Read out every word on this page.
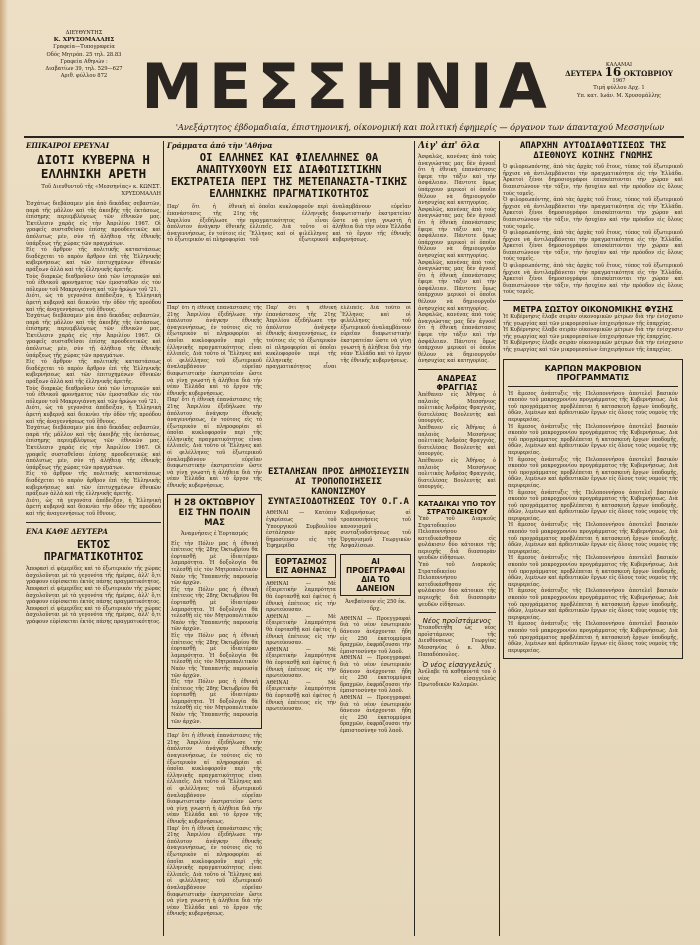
ΔΙΕΥΘΥΝΤΗΣ
Κ. ΧΡΥΣΟΜΑΛΛΗΣ
Γραφεία—Τυπογραφεία
Οδός Μητρόπ. 25 τηλ. 28.83
Γραφεία Αθηνών :
Διαβατίων 39, τηλ. 529—627
Αριθ. φύλλου 872 ΜΕΣΣΗΝΙΑ	ΚΑΛΑΜΑΙ
ΔΕΥΤΕΡΑ 16 ΟΚΤΩΒΡΙΟΥ
1967
Τιμή φύλλου Δρχ. 1
Υπ. κατ. Ιωάν. Μ. Χρυσομάλλης
'Ανεξάρτητος έβδομαδιαία, έπιστημονική, οίκονομική και πολιτική έφημερίς — όργανον των άπανταχού Μεσσηνίων
ΕΠΙΚΑΙΡΟΙ ΕΡΕΥΝΑΙ
ΔΙΟΤΙ ΚΥΒΕΡΝΑ Η ΕΛΛΗΝΙΚΗ ΑΡΕΤΗ
Τοῦ Διευθυντοῦ τῆς «Μεσσηνίας» κ. ΚΩΝΣΤ. ΧΡΥΣΟΜΑΛΛΗ

Ἐσχάτως διεβάσαμεν μία ἀπὸ δεκάδας σεβαστῶν, παρὰ τῆς μᾶλλον καὶ τῆς ἀκοιβῆς τῆς ἐκτάσεως, ἐπίσημης περιεμβλέψεως τῶν ἐθνικῶν μας. Ἐκτέλεσιν χαρὰς εἰς τὴν Ἀπριλίου 1967. Οἱ γραφεῖς συσταθεῖσαι ἐπίσης προοδευτικῶς καὶ ἀπόλυτως μὲν, σὺν τῇ ἀλήθειᾳ τῆς ἐθνικῆς ὑπάρξεως τῆς χώρας τῶν πραγμάτων.

Εἰς τὸ ἄρθρον τῆς πολιτικῆς καταστάσεως διαδέχεται τὸ παρὸν ἄρθρον ἐπὶ τῆς Ἐλληνικῆς κυβερνήσεως καὶ τῶν ἐπιτυχημένων ἐθνικῶν πράξεων ἀλλὰ καὶ τῆς ἐλληνικῆς ἀρετῆς.

Τοὺς διαρκῶς διαθροῦσιν ὑπὸ τῶν ἱστορικῶν καὶ τοῦ ἐθνικοῦ φρονήματος τῶν ἐμοσταθῶν εἰς τὸν πόλεμον τοῦ Μακρυγιάννη καὶ τῶν ἡρώων τοῦ '21.

Διότι, ὡς τὰ γεγονότα ἀπέδειξαν, ἡ Ἑλληνικὴ ἀρετὴ κυβερνᾷ καὶ δεικνύει τὴν ὁδὸν τῆς προόδου καὶ τῆς ἀναγεννήσεως τοῦ ἔθνους.

Ἐσχάτως διεβάσαμεν μία ἀπὸ δεκάδας σεβαστῶν, παρὰ τῆς μᾶλλον καὶ τῆς ἀκοιβῆς τῆς ἐκτάσεως, ἐπίσημης περιεμβλέψεως τῶν ἐθνικῶν μας. Ἐκτέλεσιν χαρὰς εἰς τὴν Ἀπριλίου 1967. Οἱ γραφεῖς συσταθεῖσαι ἐπίσης προοδευτικῶς καὶ ἀπόλυτως μὲν, σὺν τῇ ἀλήθειᾳ τῆς ἐθνικῆς ὑπάρξεως τῆς χώρας τῶν πραγμάτων.

Εἰς τὸ ἄρθρον τῆς πολιτικῆς καταστάσεως διαδέχεται τὸ παρὸν ἄρθρον ἐπὶ τῆς Ἐλληνικῆς κυβερνήσεως καὶ τῶν ἐπιτυχημένων ἐθνικῶν πράξεων ἀλλὰ καὶ τῆς ἐλληνικῆς ἀρετῆς.

Τοὺς διαρκῶς διαθροῦσιν ὑπὸ τῶν ἱστορικῶν καὶ τοῦ ἐθνικοῦ φρονήματος τῶν ἐμοσταθῶν εἰς τὸν πόλεμον τοῦ Μακρυγιάννη καὶ τῶν ἡρώων τοῦ '21.

Διότι, ὡς τὰ γεγονότα ἀπέδειξαν, ἡ Ἑλληνικὴ ἀρετὴ κυβερνᾷ καὶ δεικνύει τὴν ὁδὸν τῆς προόδου καὶ τῆς ἀναγεννήσεως τοῦ ἔθνους.

Ἐσχάτως διεβάσαμεν μία ἀπὸ δεκάδας σεβαστῶν, παρὰ τῆς μᾶλλον καὶ τῆς ἀκοιβῆς τῆς ἐκτάσεως, ἐπίσημης περιεμβλέψεως τῶν ἐθνικῶν μας. Ἐκτέλεσιν χαρὰς εἰς τὴν Ἀπριλίου 1967. Οἱ γραφεῖς συσταθεῖσαι ἐπίσης προοδευτικῶς καὶ ἀπόλυτως μὲν, σὺν τῇ ἀλήθειᾳ τῆς ἐθνικῆς ὑπάρξεως τῆς χώρας τῶν πραγμάτων.

Εἰς τὸ ἄρθρον τῆς πολιτικῆς καταστάσεως διαδέχεται τὸ παρὸν ἄρθρον ἐπὶ τῆς Ἐλληνικῆς κυβερνήσεως καὶ τῶν ἐπιτυχημένων ἐθνικῶν πράξεων ἀλλὰ καὶ τῆς ἐλληνικῆς ἀρετῆς.

Διότι, ὡς τὰ γεγονότα ἀπέδειξαν, ἡ Ἑλληνικὴ ἀρετὴ κυβερνᾷ καὶ δεικνύει τὴν ὁδὸν τῆς προόδου καὶ τῆς ἀναγεννήσεως τοῦ ἔθνους.

ΕΝΑ ΚΑΘΕ ΔΕΥΤΕΡΑ
ΕΚΤΟΣ ΠΡΑΓΜΑΤΙΚΟΤΗΤΟΣ

Ἀποφασὶ εἰ φέμερίδες καὶ τὸ ἐξωτερικὸν τῆς χώρας ἀσχολοῦνται μὲ τὰ γεγονότα τῆς ἡμέρας, ἀλλ' ὅ,τι γράφουν εὑρίσκεται ἐκτὸς πάσης πραγματικότητος.

Ἀποφασὶ εἰ φέμερίδες καὶ τὸ ἐξωτερικὸν τῆς χώρας ἀσχολοῦνται μὲ τὰ γεγονότα τῆς ἡμέρας, ἀλλ' ὅ,τι γράφουν εὑρίσκεται ἐκτὸς πάσης πραγματικότητος.

Ἀποφασὶ εἰ φέμερίδες καὶ τὸ ἐξωτερικὸν τῆς χώρας ἀσχολοῦνται μὲ τὰ γεγονότα τῆς ἡμέρας, ἀλλ' ὅ,τι γράφουν εὑρίσκεται ἐκτὸς πάσης πραγματικότητος.

Γράμματα ἀπό τὴν 'Αθήνα
ΟΙ ΕΛΛΗΝΕΣ ΚΑΙ ΦΙΛΕΛΛΗΝΕΣ ΘΑ ΑΝΑΠΤΥΧΘΟΥΝ ΕΙΣ ΔΙΑΦΩΤΙΣΤΙΚΗΝ ΕΚΣΤΡΑΤΕΙΑ ΠΕΡΙ ΤΗΣ ΜΕΤΕΠΑΝΑΣΤΑ-ΤΙΚΗΣ ΕΛΛΗΝΙΚΗΣ ΠΡΑΓΜΑΤΙΚΟΤΗΤΟΣ

Παρ' ὅτι ἡ ἐθνικὴ ἐπανάστασις τῆς 21ης Ἀπριλίου ἐξεδήλωσε τὴν ἀπόλυτον ἀνάγκην ἐθνικῆς ἀναγεννήσεως, ἐν τούτοις εἰς τὸ ἐξωτερικὸν αἱ πληροφορίαι αἱ ὁποῖαι κυκλοφοροῦν περὶ τῆς ἑλληνικῆς πραγματικότητος εἶναι ἐλλιπεῖς. Διὰ τοῦτο οἱ Ἕλληνες καὶ οἱ φιλέλληνες τοῦ ἐξωτερικοῦ ἀναλαμβάνουν εὐρεῖαν διαφωτιστικὴν ἐκστρατείαν ὥστε νὰ γίνῃ γνωστὴ ἡ ἀλήθεια διὰ τὴν νέαν Ἑλλάδα καὶ τὸ ἔργον τῆς ἐθνικῆς κυβερνήσεως.

Παρ' ὅτι ἡ ἐθνικὴ ἐπανάστασις τῆς 21ης Ἀπριλίου ἐξεδήλωσε τὴν ἀπόλυτον ἀνάγκην ἐθνικῆς ἀναγεννήσεως, ἐν τούτοις εἰς τὸ ἐξωτερικὸν αἱ πληροφορίαι αἱ ὁποῖαι κυκλοφοροῦν περὶ τῆς ἑλληνικῆς πραγματικότητος εἶναι ἐλλιπεῖς. Διὰ τοῦτο οἱ Ἕλληνες καὶ οἱ φιλέλληνες τοῦ ἐξωτερικοῦ ἀναλαμβάνουν εὐρεῖαν διαφωτιστικὴν ἐκστρατείαν ὥστε νὰ γίνῃ γνωστὴ ἡ ἀλήθεια διὰ τὴν νέαν Ἑλλάδα καὶ τὸ ἔργον τῆς ἐθνικῆς κυβερνήσεως.

Παρ' ὅτι ἡ ἐθνικὴ ἐπανάστασις τῆς 21ης Ἀπριλίου ἐξεδήλωσε τὴν ἀπόλυτον ἀνάγκην ἐθνικῆς ἀναγεννήσεως, ἐν τούτοις εἰς τὸ ἐξωτερικὸν αἱ πληροφορίαι αἱ ὁποῖαι κυκλοφοροῦν περὶ τῆς ἑλληνικῆς πραγματικότητος εἶναι ἐλλιπεῖς. Διὰ τοῦτο οἱ Ἕλληνες καὶ οἱ φιλέλληνες τοῦ ἐξωτερικοῦ ἀναλαμβάνουν εὐρεῖαν διαφωτιστικὴν ἐκστρατείαν ὥστε νὰ γίνῃ γνωστὴ ἡ ἀλήθεια διὰ τὴν νέαν Ἑλλάδα καὶ τὸ ἔργον τῆς ἐθνικῆς κυβερνήσεως.

Η 28 ΟΚΤΩΒΡΙΟΥ ΕΙΣ ΤΗΝ ΠΟΛΙΝ ΜΑΣ
Ἀναμνήσεις ἐ Ἐορτασμός

Εἰς τὴν Πόλιν μας ἡ ἐθνικὴ ἐπέτειος τῆς 28ης Ὀκτωβρίου θὰ ἑορτασθῇ μὲ ἰδιαιτέραν λαμπρότητα. Ἡ δοξολογία θὰ τελεσθῇ εἰς τὸν Μητροπολιτικὸν Ναὸν τῆς Ὑπαπαντῆς παρουσίᾳ τῶν ἀρχῶν.

Εἰς τὴν Πόλιν μας ἡ ἐθνικὴ ἐπέτειος τῆς 28ης Ὀκτωβρίου θὰ ἑορτασθῇ μὲ ἰδιαιτέραν λαμπρότητα. Ἡ δοξολογία θὰ τελεσθῇ εἰς τὸν Μητροπολιτικὸν Ναὸν τῆς Ὑπαπαντῆς παρουσίᾳ τῶν ἀρχῶν.

Εἰς τὴν Πόλιν μας ἡ ἐθνικὴ ἐπέτειος τῆς 28ης Ὀκτωβρίου θὰ ἑορτασθῇ μὲ ἰδιαιτέραν λαμπρότητα. Ἡ δοξολογία θὰ τελεσθῇ εἰς τὸν Μητροπολιτικὸν Ναὸν τῆς Ὑπαπαντῆς παρουσίᾳ τῶν ἀρχῶν.

Εἰς τὴν Πόλιν μας ἡ ἐθνικὴ ἐπέτειος τῆς 28ης Ὀκτωβρίου θὰ ἑορτασθῇ μὲ ἰδιαιτέραν λαμπρότητα. Ἡ δοξολογία θὰ τελεσθῇ εἰς τὸν Μητροπολιτικὸν Ναὸν τῆς Ὑπαπαντῆς παρουσίᾳ τῶν ἀρχῶν.

Παρ' ὅτι ἡ ἐθνικὴ ἐπανάστασις τῆς 21ης Ἀπριλίου ἐξεδήλωσε τὴν ἀπόλυτον ἀνάγκην ἐθνικῆς ἀναγεννήσεως, ἐν τούτοις εἰς τὸ ἐξωτερικὸν αἱ πληροφορίαι αἱ ὁποῖαι κυκλοφοροῦν περὶ τῆς ἑλληνικῆς πραγματικότητος εἶναι ἐλλιπεῖς. Διὰ τοῦτο οἱ Ἕλληνες καὶ οἱ φιλέλληνες τοῦ ἐξωτερικοῦ ἀναλαμβάνουν εὐρεῖαν διαφωτιστικὴν ἐκστρατείαν ὥστε νὰ γίνῃ γνωστὴ ἡ ἀλήθεια διὰ τὴν νέαν Ἑλλάδα καὶ τὸ ἔργον τῆς ἐθνικῆς κυβερνήσεως.

Παρ' ὅτι ἡ ἐθνικὴ ἐπανάστασις τῆς 21ης Ἀπριλίου ἐξεδήλωσε τὴν ἀπόλυτον ἀνάγκην ἐθνικῆς ἀναγεννήσεως, ἐν τούτοις εἰς τὸ ἐξωτερικὸν αἱ πληροφορίαι αἱ ὁποῖαι κυκλοφοροῦν περὶ τῆς ἑλληνικῆς πραγματικότητος εἶναι ἐλλιπεῖς. Διὰ τοῦτο οἱ Ἕλληνες καὶ οἱ φιλέλληνες τοῦ ἐξωτερικοῦ ἀναλαμβάνουν εὐρεῖαν διαφωτιστικὴν ἐκστρατείαν ὥστε νὰ γίνῃ γνωστὴ ἡ ἀλήθεια διὰ τὴν νέαν Ἑλλάδα καὶ τὸ ἔργον τῆς ἐθνικῆς κυβερνήσεως.

Παρ' ὅτι ἡ ἐθνικὴ ἐπανάστασις τῆς 21ης Ἀπριλίου ἐξεδήλωσε τὴν ἀπόλυτον ἀνάγκην ἐθνικῆς ἀναγεννήσεως, ἐν τούτοις εἰς τὸ ἐξωτερικὸν αἱ πληροφορίαι αἱ ὁποῖαι κυκλοφοροῦν περὶ τῆς ἑλληνικῆς πραγματικότητος εἶναι ἐλλιπεῖς. Διὰ τοῦτο οἱ Ἕλληνες καὶ οἱ φιλέλληνες τοῦ ἐξωτερικοῦ ἀναλαμβάνουν εὐρεῖαν διαφωτιστικὴν ἐκστρατείαν ὥστε νὰ γίνῃ γνωστὴ ἡ ἀλήθεια διὰ τὴν νέαν Ἑλλάδα καὶ τὸ ἔργον τῆς ἐθνικῆς κυβερνήσεως.

ΕΣΤΑΛΗΣΑΝ ΠΡΟΣ ΔΗΜΟΣΙΕΥΣΙΝ ΑΙ ΤΡΟΠΟΠΟΙΗΣΕΙΣ ΚΑΝΟΝΙΣΜΟΥ ΣΥΝΤΑΞΙΟΔΟΤΗΣΕΩΣ ΤΟΥ Ο.Γ.Α

ΑΘΗΝΑΙ — Κατόπιν ἐγκρίσεως τοῦ Ὑπουργικοῦ Συμβουλίου ἐστάλησαν πρὸς δημοσίευσιν εἰς τὴν Ἐφημερίδα τῆς Κυβερνήσεως αἱ τροποποιήσεις τοῦ κανονισμοῦ συνταξιοδοτήσεως τοῦ Ὀργανισμοῦ Γεωργικῶν Ἀσφαλίσεων.

ΕΟΡΤΑΣΜΟΣ ΕΙΣ ΑΘΗΝΑΣ

ΑΘΗΝΑΙ — Μὲ ἐξαιρετικὴν λαμπρότητα θὰ ἑορτασθῇ καὶ ἐφέτος ἡ ἐθνικὴ ἐπέτειος εἰς τὴν πρωτεύουσαν.

ΑΘΗΝΑΙ — Μὲ ἐξαιρετικὴν λαμπρότητα θὰ ἑορτασθῇ καὶ ἐφέτος ἡ ἐθνικὴ ἐπέτειος εἰς τὴν πρωτεύουσαν.

ΑΘΗΝΑΙ — Μὲ ἐξαιρετικὴν λαμπρότητα θὰ ἑορτασθῇ καὶ ἐφέτος ἡ ἐθνικὴ ἐπέτειος εἰς τὴν πρωτεύουσαν.

ΑΘΗΝΑΙ — Μὲ ἐξαιρετικὴν λαμπρότητα θὰ ἑορτασθῇ καὶ ἐφέτος ἡ ἐθνικὴ ἐπέτειος εἰς τὴν πρωτεύουσαν.

ΑΙ ΠΡΟΕΓΓΡΑΦΑΙ ΔΙΑ ΤΟ ΔΑΝΕΙΟΝ
Ἀνεβαίνουν εἰς 250 ἑκ. δρχ.

ΑΘΗΝΑΙ — Προεγγραφαὶ διὰ τὸ νέον ἐσωτερικὸν δάνειον ἀνέρχονται ἤδη εἰς 250 ἑκατομμύρια δραχμῶν, ἐκφράζουσαι τὴν ἐμπιστοσύνην τοῦ λαοῦ.

ΑΘΗΝΑΙ — Προεγγραφαὶ διὰ τὸ νέον ἐσωτερικὸν δάνειον ἀνέρχονται ἤδη εἰς 250 ἑκατομμύρια δραχμῶν, ἐκφράζουσαι τὴν ἐμπιστοσύνην τοῦ λαοῦ.

ΑΘΗΝΑΙ — Προεγγραφαὶ διὰ τὸ νέον ἐσωτερικὸν δάνειον ἀνέρχονται ἤδη εἰς 250 ἑκατομμύρια δραχμῶν, ἐκφράζουσαι τὴν ἐμπιστοσύνην τοῦ λαοῦ.

Λίγ' ἀπ' ὅλα

Ἀσφαλῶς, κανένας ἀπὸ τοὺς ἀναγνώστας μας δὲν ἀγνοεῖ ὅτι ἡ ἐθνικὴ ἐπανάστασις ἔφερε τὴν τάξιν καὶ τὴν ἀσφάλειαν. Πάντοτε ὅμως ὑπάρχουν μερικοὶ οἱ ὁποῖοι θέλουν νὰ δημιουργοῦν ἀνησυχίας καὶ κατηγορίας.

Ἀσφαλῶς, κανένας ἀπὸ τοὺς ἀναγνώστας μας δὲν ἀγνοεῖ ὅτι ἡ ἐθνικὴ ἐπανάστασις ἔφερε τὴν τάξιν καὶ τὴν ἀσφάλειαν. Πάντοτε ὅμως ὑπάρχουν μερικοὶ οἱ ὁποῖοι θέλουν νὰ δημιουργοῦν ἀνησυχίας καὶ κατηγορίας.

Ἀσφαλῶς, κανένας ἀπὸ τοὺς ἀναγνώστας μας δὲν ἀγνοεῖ ὅτι ἡ ἐθνικὴ ἐπανάστασις ἔφερε τὴν τάξιν καὶ τὴν ἀσφάλειαν. Πάντοτε ὅμως ὑπάρχουν μερικοὶ οἱ ὁποῖοι θέλουν νὰ δημιουργοῦν ἀνησυχίας καὶ κατηγορίας.

Ἀσφαλῶς, κανένας ἀπὸ τοὺς ἀναγνώστας μας δὲν ἀγνοεῖ ὅτι ἡ ἐθνικὴ ἐπανάστασις ἔφερε τὴν τάξιν καὶ τὴν ἀσφάλειαν. Πάντοτε ὅμως ὑπάρχουν μερικοὶ οἱ ὁποῖοι θέλουν νὰ δημιουργοῦν ἀνησυχίας καὶ κατηγορίας.

ΑΝΔΡΕΑΣ ΦΡΑΓΓΙΑΣ

Ἀπέθανεν εἰς Ἀθήνας ὁ παλαιὸς Μεσσήνιος πολιτικὸς Ἀνδρέας Φραγγιάς, διατελέσας Βουλευτὴς καὶ ὑπουργός.

Ἀπέθανεν εἰς Ἀθήνας ὁ παλαιὸς Μεσσήνιος πολιτικὸς Ἀνδρέας Φραγγιάς, διατελέσας Βουλευτὴς καὶ ὑπουργός.

Ἀπέθανεν εἰς Ἀθήνας ὁ παλαιὸς Μεσσήνιος πολιτικὸς Ἀνδρέας Φραγγιάς, διατελέσας Βουλευτὴς καὶ ὑπουργός.

ΚΑΤΑΔΙΚΑΙ ΥΠΟ ΤΟΥ ΣΤΡΑΤΟΔΙΚΕΙΟΥ

Ὑπὸ τοῦ Διαρκοῦς Στρατοδικείου Πελοποννήσου κατεδικάσθησαν εἰς φυλάκισιν δύο κάτοικοι τῆς περιοχῆς διὰ διασπορὰν ψευδῶν εἰδήσεων.

Ὑπὸ τοῦ Διαρκοῦς Στρατοδικείου Πελοποννήσου κατεδικάσθησαν εἰς φυλάκισιν δύο κάτοικοι τῆς περιοχῆς διὰ διασπορὰν ψευδῶν εἰδήσεων.

Νέος προϊστάμενος

Ἐτοποθετήθη ὡς νέος προϊστάμενος τῆς Διευθύνσεως Γεωργίας Μεσσηνίας ὁ κ. Ἀθαν. Παπαδόπουλος.

Ὁ νέος εἰσαγγελεύς

Ἀνέλαβε τὰ καθήκοντά του ὁ νέος εἰσαγγελεύς Πρωτοδικῶν Καλαμῶν.

ΑΠΑΡΧΗΝ ΑΥΤΟΔΙΑΦΩΤΙΣΕΩΣ ΤΗΣ ΔΙΕΘΝΟΥΣ ΚΟΙΝΗΣ ΓΝΩΜΗΣ

Ὁ φιλορεωπόντης, ἀπὸ τὰς ἀρχὰς τοῦ ἔτους, τύπος τοῦ ἐξωτερικοῦ ἤρχισε νὰ ἀντιλαμβάνεται τὴν πραγματικότητα εἰς τὴν Ἑλλάδα. Ἀρκετοὶ ξένοι δημοσιογράφοι ἐπισκέπτονται τὴν χώραν καὶ διαπιστώνουν τὴν τάξιν, τὴν ἡσυχίαν καὶ τὴν πρόοδον εἰς ὅλους τοὺς τομεῖς.

Ὁ φιλορεωπόντης, ἀπὸ τὰς ἀρχὰς τοῦ ἔτους, τύπος τοῦ ἐξωτερικοῦ ἤρχισε νὰ ἀντιλαμβάνεται τὴν πραγματικότητα εἰς τὴν Ἑλλάδα. Ἀρκετοὶ ξένοι δημοσιογράφοι ἐπισκέπτονται τὴν χώραν καὶ διαπιστώνουν τὴν τάξιν, τὴν ἡσυχίαν καὶ τὴν πρόοδον εἰς ὅλους τοὺς τομεῖς.

Ὁ φιλορεωπόντης, ἀπὸ τὰς ἀρχὰς τοῦ ἔτους, τύπος τοῦ ἐξωτερικοῦ ἤρχισε νὰ ἀντιλαμβάνεται τὴν πραγματικότητα εἰς τὴν Ἑλλάδα. Ἀρκετοὶ ξένοι δημοσιογράφοι ἐπισκέπτονται τὴν χώραν καὶ διαπιστώνουν τὴν τάξιν, τὴν ἡσυχίαν καὶ τὴν πρόοδον εἰς ὅλους τοὺς τομεῖς.

Ὁ φιλορεωπόντης, ἀπὸ τὰς ἀρχὰς τοῦ ἔτους, τύπος τοῦ ἐξωτερικοῦ ἤρχισε νὰ ἀντιλαμβάνεται τὴν πραγματικότητα εἰς τὴν Ἑλλάδα. Ἀρκετοὶ ξένοι δημοσιογράφοι ἐπισκέπτονται τὴν χώραν καὶ διαπιστώνουν τὴν τάξιν, τὴν ἡσυχίαν καὶ τὴν πρόοδον εἰς ὅλους τοὺς τομεῖς.

ΜΕΤΡΑ ΣΩΣΤΟΥ ΟΙΚΟΝΟΜΙΚΗΣ ΦΥΣΗΣ

Ἡ Κυβέρνησις ἔλαβε σειρὰν οἰκονομικῶν μέτρων διὰ τὴν ἐνίσχυσιν τῆς γεωργίας καὶ τῶν μικρομεσαίων ἐπιχειρήσεων τῆς ἐπαρχίας.

Ἡ Κυβέρνησις ἔλαβε σειρὰν οἰκονομικῶν μέτρων διὰ τὴν ἐνίσχυσιν τῆς γεωργίας καὶ τῶν μικρομεσαίων ἐπιχειρήσεων τῆς ἐπαρχίας.

Ἡ Κυβέρνησις ἔλαβε σειρὰν οἰκονομικῶν μέτρων διὰ τὴν ἐνίσχυσιν τῆς γεωργίας καὶ τῶν μικρομεσαίων ἐπιχειρήσεων τῆς ἐπαρχίας.

ΚΑΡΠΩΝ ΜΑΚΡΟΒΙΟΝ ΠΡΟΓΡΑΜΜΑΤΙΣ

Ἡ ἄμεσος ἀνάπτυξις τῆς Πελοποννήσου ἀποτελεῖ βασικὸν σκοπὸν τοῦ μακροχρονίου προγράμματος τῆς Κυβερνήσεως. Διὰ τοῦ προγράμματος προβλέπεται ἡ κατασκευὴ ἔργων ὑποδομῆς, ὁδῶν, λιμένων καὶ ἀρδευτικῶν ἔργων εἰς ὅλους τοὺς νομοὺς τῆς περιφερείας.

Ἡ ἄμεσος ἀνάπτυξις τῆς Πελοποννήσου ἀποτελεῖ βασικὸν σκοπὸν τοῦ μακροχρονίου προγράμματος τῆς Κυβερνήσεως. Διὰ τοῦ προγράμματος προβλέπεται ἡ κατασκευὴ ἔργων ὑποδομῆς, ὁδῶν, λιμένων καὶ ἀρδευτικῶν ἔργων εἰς ὅλους τοὺς νομοὺς τῆς περιφερείας.

Ἡ ἄμεσος ἀνάπτυξις τῆς Πελοποννήσου ἀποτελεῖ βασικὸν σκοπὸν τοῦ μακροχρονίου προγράμματος τῆς Κυβερνήσεως. Διὰ τοῦ προγράμματος προβλέπεται ἡ κατασκευὴ ἔργων ὑποδομῆς, ὁδῶν, λιμένων καὶ ἀρδευτικῶν ἔργων εἰς ὅλους τοὺς νομοὺς τῆς περιφερείας.

Ἡ ἄμεσος ἀνάπτυξις τῆς Πελοποννήσου ἀποτελεῖ βασικὸν σκοπὸν τοῦ μακροχρονίου προγράμματος τῆς Κυβερνήσεως. Διὰ τοῦ προγράμματος προβλέπεται ἡ κατασκευὴ ἔργων ὑποδομῆς, ὁδῶν, λιμένων καὶ ἀρδευτικῶν ἔργων εἰς ὅλους τοὺς νομοὺς τῆς περιφερείας.

Ἡ ἄμεσος ἀνάπτυξις τῆς Πελοποννήσου ἀποτελεῖ βασικὸν σκοπὸν τοῦ μακροχρονίου προγράμματος τῆς Κυβερνήσεως. Διὰ τοῦ προγράμματος προβλέπεται ἡ κατασκευὴ ἔργων ὑποδομῆς, ὁδῶν, λιμένων καὶ ἀρδευτικῶν ἔργων εἰς ὅλους τοὺς νομοὺς τῆς περιφερείας.

Ἡ ἄμεσος ἀνάπτυξις τῆς Πελοποννήσου ἀποτελεῖ βασικὸν σκοπὸν τοῦ μακροχρονίου προγράμματος τῆς Κυβερνήσεως. Διὰ τοῦ προγράμματος προβλέπεται ἡ κατασκευὴ ἔργων ὑποδομῆς, ὁδῶν, λιμένων καὶ ἀρδευτικῶν ἔργων εἰς ὅλους τοὺς νομοὺς τῆς περιφερείας.

Ἡ ἄμεσος ἀνάπτυξις τῆς Πελοποννήσου ἀποτελεῖ βασικὸν σκοπὸν τοῦ μακροχρονίου προγράμματος τῆς Κυβερνήσεως. Διὰ τοῦ προγράμματος προβλέπεται ἡ κατασκευὴ ἔργων ὑποδομῆς, ὁδῶν, λιμένων καὶ ἀρδευτικῶν ἔργων εἰς ὅλους τοὺς νομοὺς τῆς περιφερείας.

Ἡ ἄμεσος ἀνάπτυξις τῆς Πελοποννήσου ἀποτελεῖ βασικὸν σκοπὸν τοῦ μακροχρονίου προγράμματος τῆς Κυβερνήσεως. Διὰ τοῦ προγράμματος προβλέπεται ἡ κατασκευὴ ἔργων ὑποδομῆς, ὁδῶν, λιμένων καὶ ἀρδευτικῶν ἔργων εἰς ὅλους τοὺς νομοὺς τῆς περιφερείας.
